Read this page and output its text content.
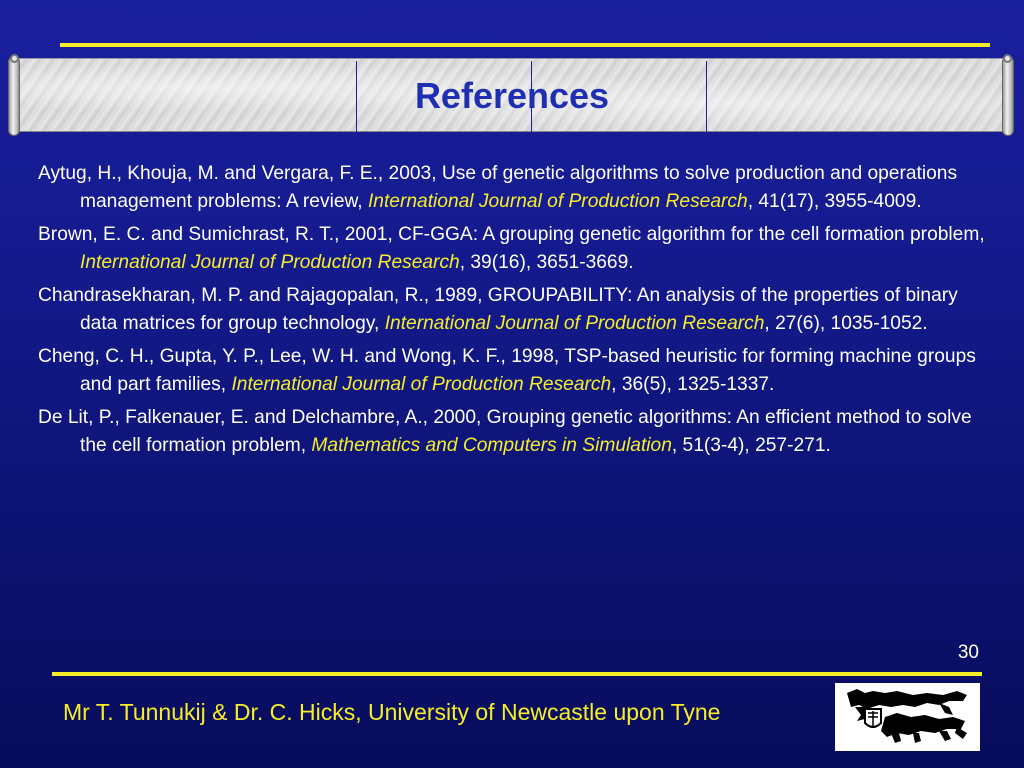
References
Aytug, H., Khouja, M. and Vergara, F. E., 2003, Use of genetic algorithms to solve production and operations management problems: A review, International Journal of Production Research, 41(17), 3955-4009.
Brown, E. C. and Sumichrast, R. T., 2001, CF-GGA: A grouping genetic algorithm for the cell formation problem, International Journal of Production Research, 39(16), 3651-3669.
Chandrasekharan, M. P. and Rajagopalan, R., 1989, GROUPABILITY: An analysis of the properties of binary data matrices for group technology, International Journal of Production Research, 27(6), 1035-1052.
Cheng, C. H., Gupta, Y. P., Lee, W. H. and Wong, K. F., 1998, TSP-based heuristic for forming machine groups and part families, International Journal of Production Research, 36(5), 1325-1337.
De Lit, P., Falkenauer, E. and Delchambre, A., 2000, Grouping genetic algorithms: An efficient method to solve the cell formation problem, Mathematics and Computers in Simulation, 51(3-4), 257-271.
30
Mr T. Tunnukij & Dr. C. Hicks, University of Newcastle upon Tyne
